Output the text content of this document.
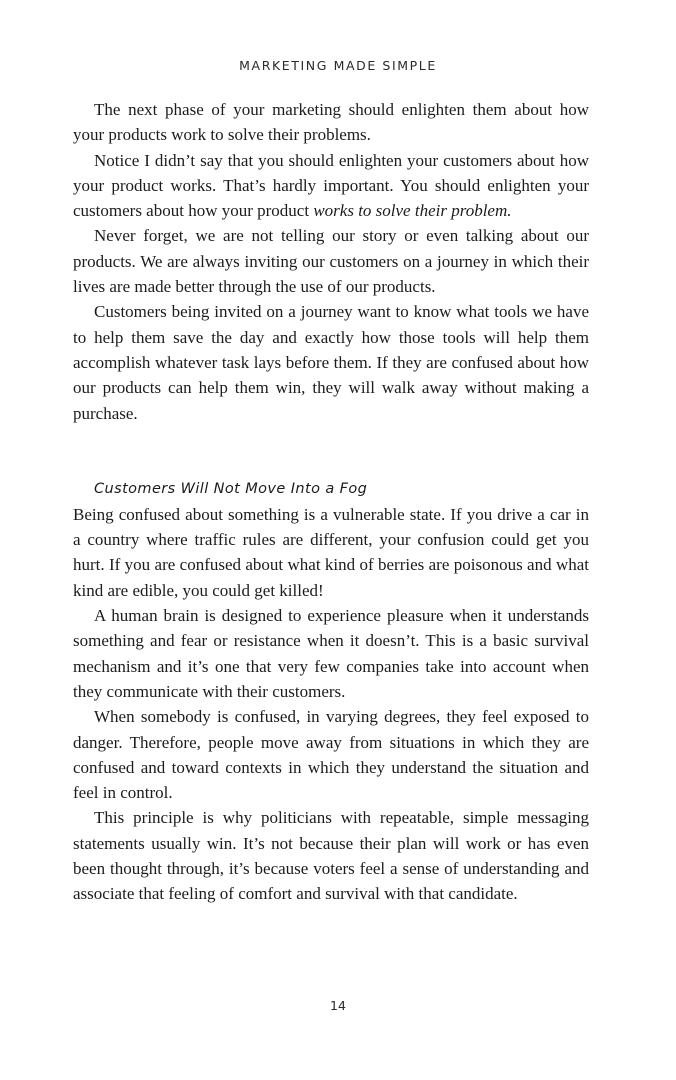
MARKETING MADE SIMPLE

The next phase of your marketing should enlighten them about how your products work to solve their problems.

Notice I didn’t say that you should enlighten your customers about how your product works. That’s hardly important. You should enlighten your customers about how your product works to solve their problem.

Never forget, we are not telling our story or even talking about our products. We are always inviting our customers on a journey in which their lives are made better through the use of our products.

Customers being invited on a journey want to know what tools we have to help them save the day and exactly how those tools will help them accomplish whatever task lays before them. If they are confused about how our products can help them win, they will walk away without making a purchase.

Customers Will Not Move Into a Fog

Being confused about something is a vulnerable state. If you drive a car in a country where traffic rules are different, your confusion could get you hurt. If you are confused about what kind of berries are poisonous and what kind are edible, you could get killed!

A human brain is designed to experience pleasure when it understands something and fear or resistance when it doesn’t. This is a basic survival mechanism and it’s one that very few companies take into account when they communicate with their customers.

When somebody is confused, in varying degrees, they feel exposed to danger. Therefore, people move away from situations in which they are confused and toward contexts in which they understand the situation and feel in control.

This principle is why politicians with repeatable, simple messaging statements usually win. It’s not because their plan will work or has even been thought through, it’s because voters feel a sense of understanding and associate that feeling of comfort and survival with that candidate.

14
